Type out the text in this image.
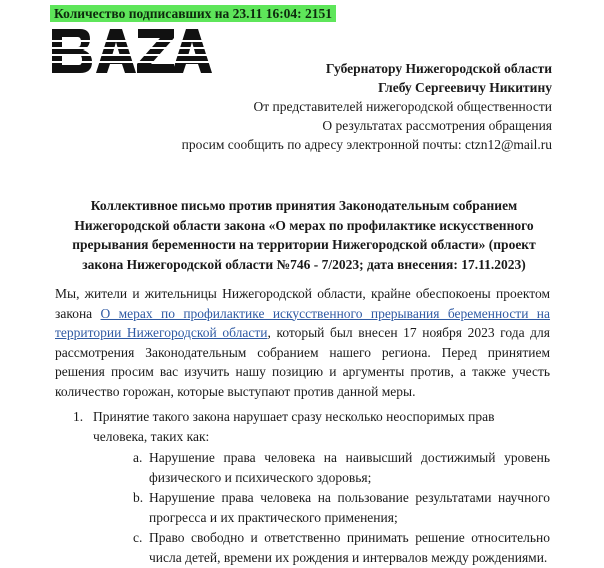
Количество подписавших на 23.11 16:04: 2151
Губернатору Нижегородской области
Глебу Сергеевичу Никитину
От представителей нижегородской общественности
О результатах рассмотрения обращения
просим сообщить по адресу электронной почты: ctzn12@mail.ru
Коллективное письмо против принятия Законодательным собранием
Нижегородской области закона «О мерах по профилактике искусственного
прерывания беременности на территории Нижегородской области» (проект
закона Нижегородской области №746 - 7/2023; дата внесения: 17.11.2023)
Мы, жители и жительницы Нижегородской области, крайне обеспокоены проектом закона О мерах по профилактике искусственного прерывания беременности на территории Нижегородской области, который был внесен 17 ноября 2023 года для рассмотрения Законодательным собранием нашего региона. Перед принятием решения просим вас изучить нашу позицию и аргументы против, а также учесть количество горожан, которые выступают против данной меры.
1. Принятие такого закона нарушает сразу несколько неоспоримых прав человека, таких как:
a. Нарушение права человека на наивысший достижимый уровень физического и психического здоровья;
b. Нарушение права человека на пользование результатами научного прогресса и их практического применения;
c. Право свободно и ответственно принимать решение относительно числа детей, времени их рождения и интервалов между рождениями.
